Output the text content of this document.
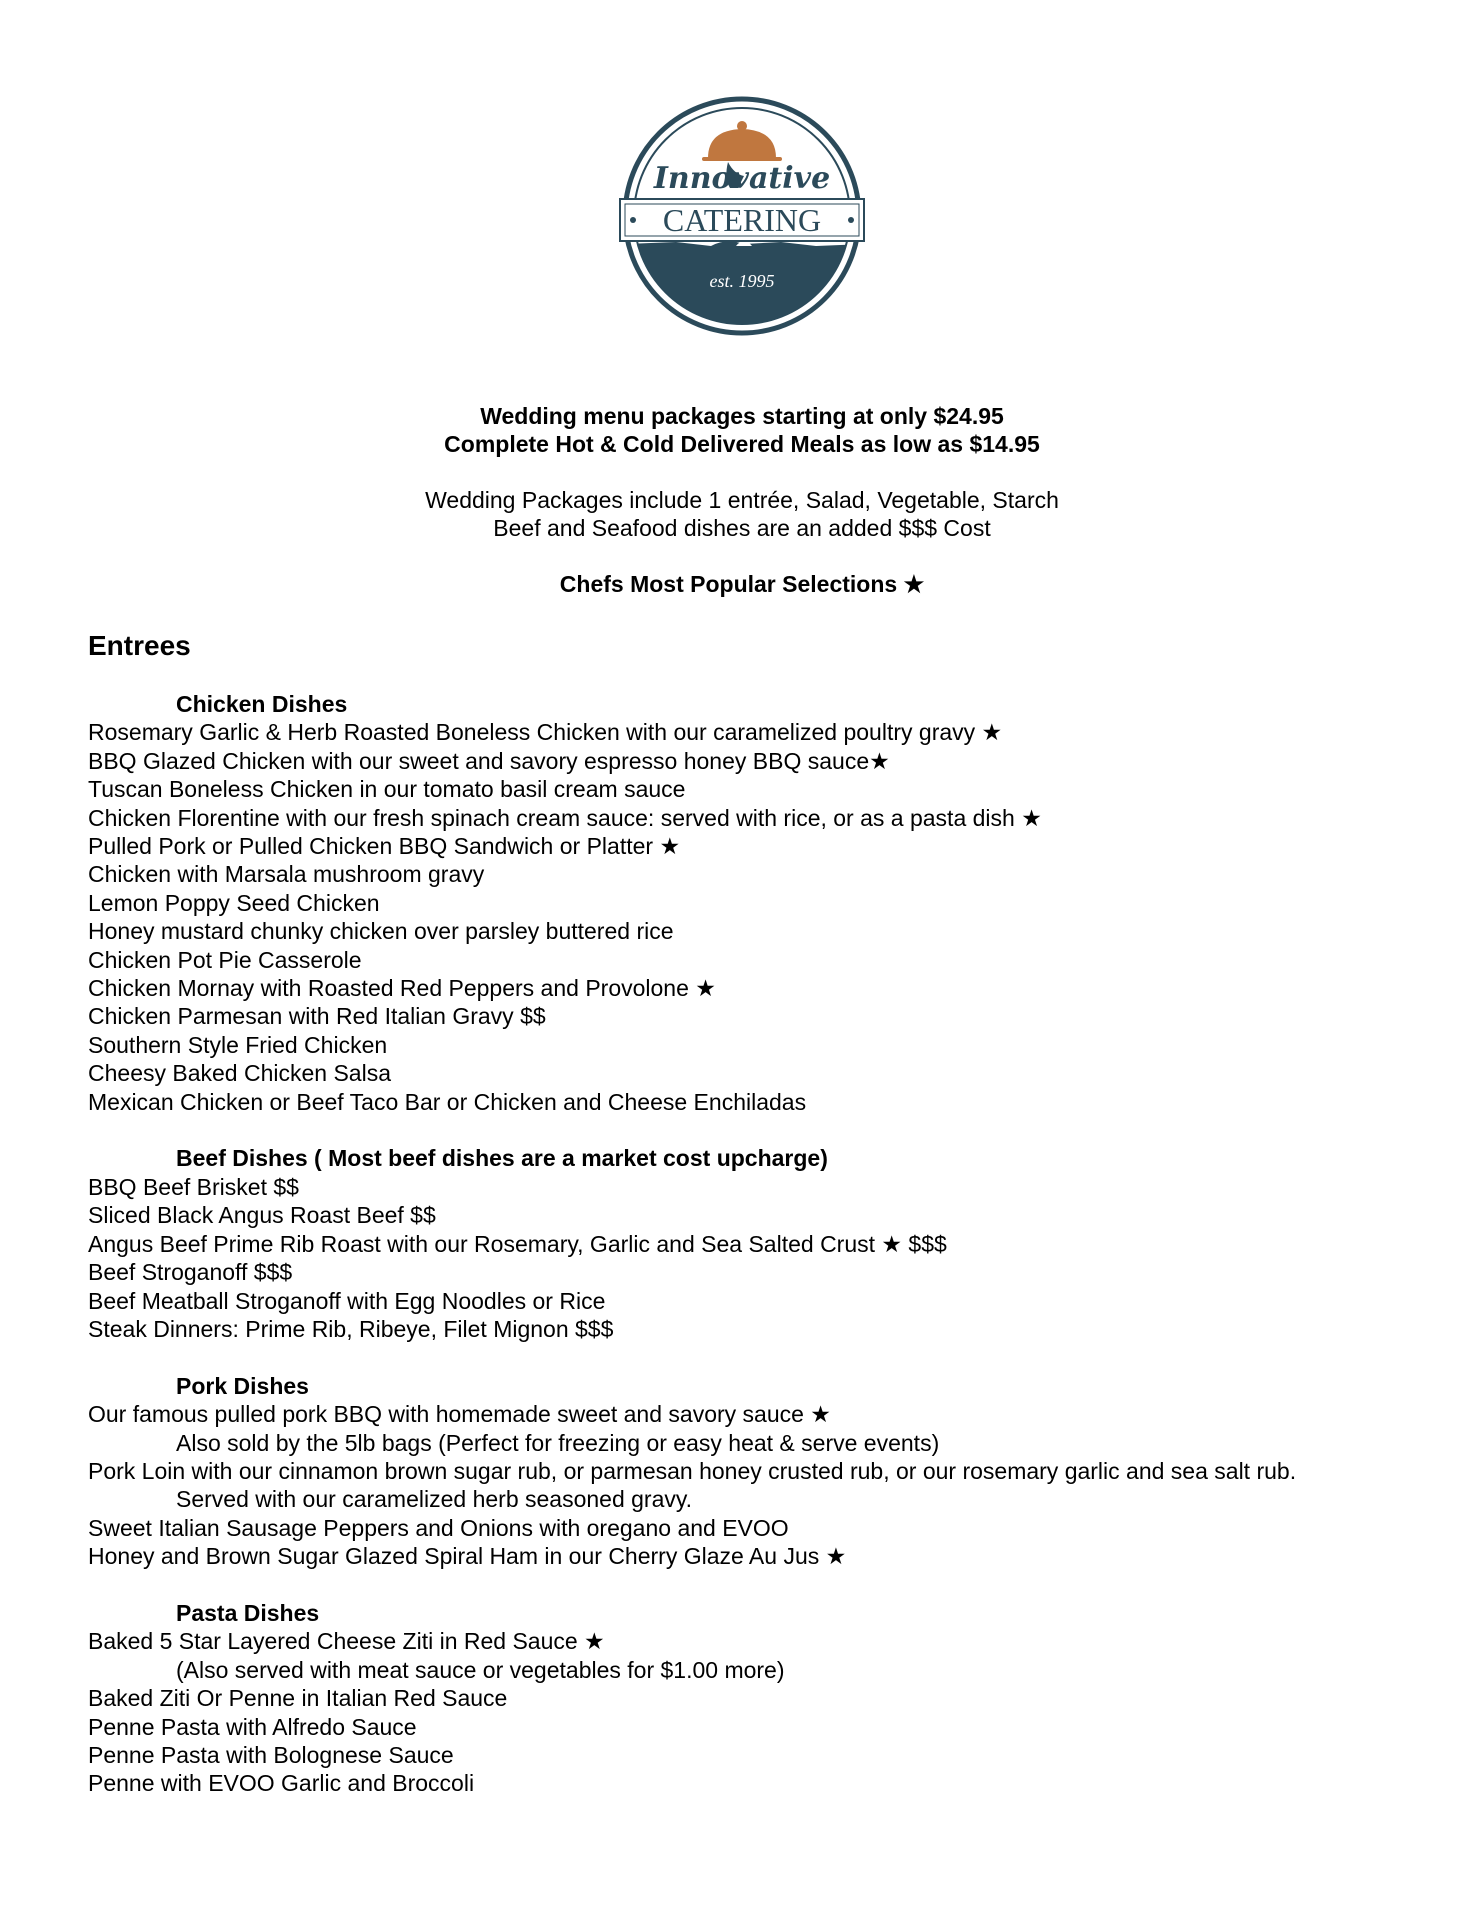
Innovative
CATERING
est. 1995
Wedding menu packages starting at only $24.95
Complete Hot & Cold Delivered Meals as low as $14.95
Wedding Packages include 1 entrée, Salad, Vegetable, Starch
Beef and Seafood dishes are an added $$$ Cost
Chefs Most Popular Selections ★
Entrees
Chicken Dishes
Rosemary Garlic & Herb Roasted Boneless Chicken with our caramelized poultry gravy ★
BBQ Glazed Chicken with our sweet and savory espresso honey BBQ sauce★
Tuscan Boneless Chicken in our tomato basil cream sauce
Chicken Florentine with our fresh spinach cream sauce: served with rice, or as a pasta dish ★
Pulled Pork or Pulled Chicken BBQ Sandwich or Platter ★
Chicken with Marsala mushroom gravy
Lemon Poppy Seed Chicken
Honey mustard chunky chicken over parsley buttered rice
Chicken Pot Pie Casserole
Chicken Mornay with Roasted Red Peppers and Provolone ★
Chicken Parmesan with Red Italian Gravy $$
Southern Style Fried Chicken
Cheesy Baked Chicken Salsa
Mexican Chicken or Beef Taco Bar or Chicken and Cheese Enchiladas
Beef Dishes ( Most beef dishes are a market cost upcharge)
BBQ Beef Brisket $$
Sliced Black Angus Roast Beef $$
Angus Beef Prime Rib Roast with our Rosemary, Garlic and Sea Salted Crust ★ $$$
Beef Stroganoff $$$
Beef Meatball Stroganoff with Egg Noodles or Rice
Steak Dinners: Prime Rib, Ribeye, Filet Mignon $$$
Pork Dishes
Our famous pulled pork BBQ with homemade sweet and savory sauce ★
Also sold by the 5lb bags (Perfect for freezing or easy heat & serve events)
Pork Loin with our cinnamon brown sugar rub, or parmesan honey crusted rub, or our rosemary garlic and sea salt rub.
Served with our caramelized herb seasoned gravy.
Sweet Italian Sausage Peppers and Onions with oregano and EVOO
Honey and Brown Sugar Glazed Spiral Ham in our Cherry Glaze Au Jus ★
Pasta Dishes
Baked 5 Star Layered Cheese Ziti in Red Sauce ★
(Also served with meat sauce or vegetables for $1.00 more)
Baked Ziti Or Penne in Italian Red Sauce
Penne Pasta with Alfredo Sauce
Penne Pasta with Bolognese Sauce
Penne with EVOO Garlic and Broccoli
